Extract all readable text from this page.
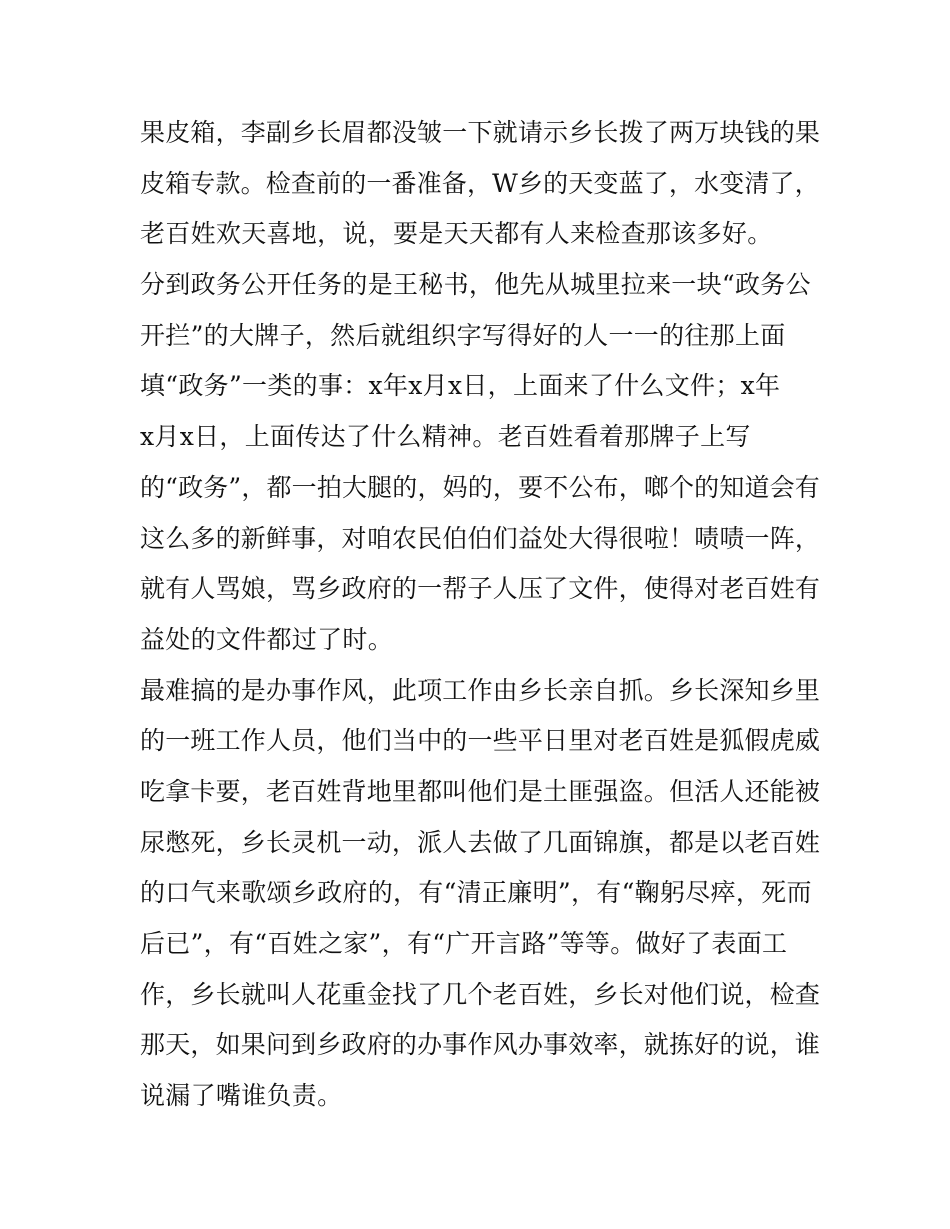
果皮箱，李副乡长眉都没皱一下就请示乡长拨了两万块钱的果
皮箱专款。检查前的一番准备，W乡的天变蓝了，水变清了，
老百姓欢天喜地，说，要是天天都有人来检查那该多好。
分到政务公开任务的是王秘书，他先从城里拉来一块“政务公
开拦”的大牌子，然后就组织字写得好的人一一的往那上面
填“政务”一类的事：x年x月x日，上面来了什么文件；x年
x月x日，上面传达了什么精神。老百姓看着那牌子上写
的“政务”，都一拍大腿的，妈的，要不公布，啷个的知道会有
这么多的新鲜事，对咱农民伯伯们益处大得很啦！啧啧一阵，
就有人骂娘，骂乡政府的一帮子人压了文件，使得对老百姓有
益处的文件都过了时。
最难搞的是办事作风，此项工作由乡长亲自抓。乡长深知乡里
的一班工作人员，他们当中的一些平日里对老百姓是狐假虎威
吃拿卡要，老百姓背地里都叫他们是土匪强盗。但活人还能被
尿憋死，乡长灵机一动，派人去做了几面锦旗，都是以老百姓
的口气来歌颂乡政府的，有“清正廉明”，有“鞠躬尽瘁，死而
后已”，有“百姓之家”，有“广开言路”等等。做好了表面工
作，乡长就叫人花重金找了几个老百姓，乡长对他们说，检查
那天，如果问到乡政府的办事作风办事效率，就拣好的说，谁
说漏了嘴谁负责。
